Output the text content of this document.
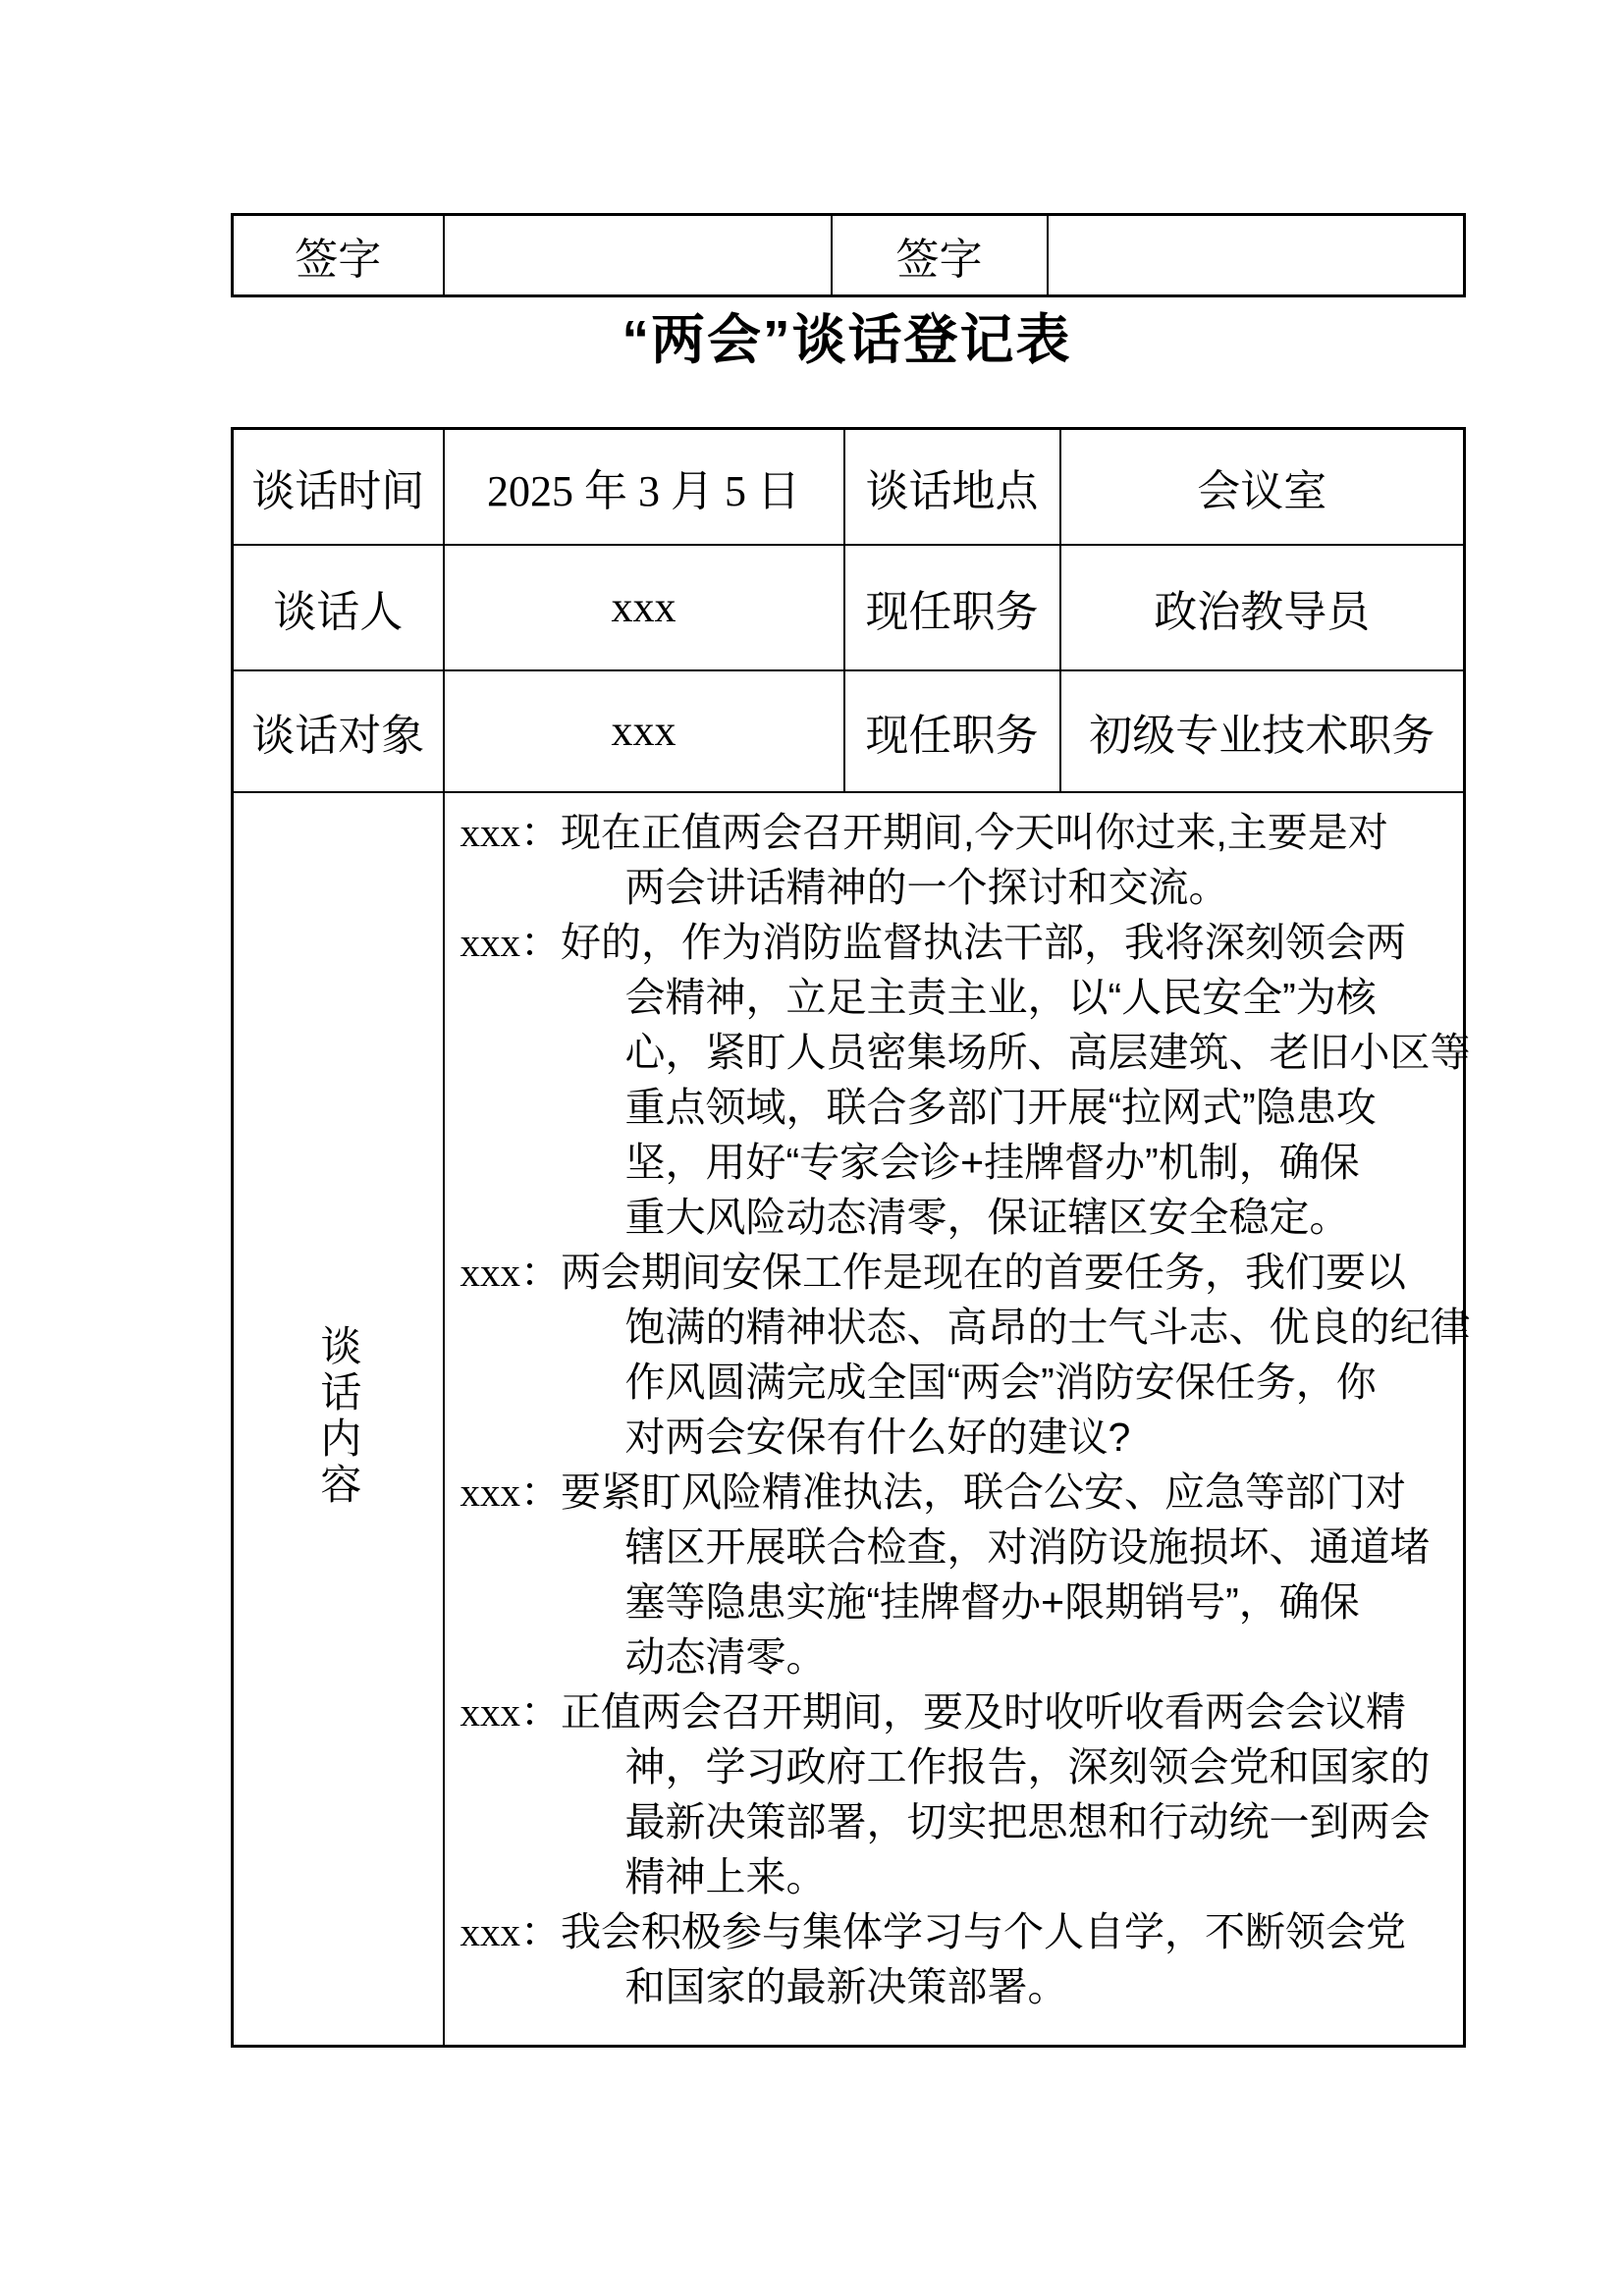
签字		签字	
“两会”谈话登记表
谈话时间	2025 年 3 月 5 日	谈话地点	会议室
谈话人	xxx	现任职务	政治教导员
谈话对象	xxx	现任职务	初级专业技术职务
谈话内容	
xxx：现在正值两会召开期间,今天叫你过来,主要是对
两会讲话精神的一个探讨和交流。
xxx：好的，作为消防监督执法干部，我将深刻领会两
会精神，立足主责主业，以“人民安全”为核
心，紧盯人员密集场所、高层建筑、老旧小区等
重点领域，联合多部门开展“拉网式”隐患攻
坚，用好“专家会诊+挂牌督办”机制，确保
重大风险动态清零，保证辖区安全稳定。
xxx：两会期间安保工作是现在的首要任务，我们要以
饱满的精神状态、高昂的士气斗志、优良的纪律
作风圆满完成全国“两会”消防安保任务，你
对两会安保有什么好的建议?
xxx：要紧盯风险精准执法，联合公安、应急等部门对
辖区开展联合检查，对消防设施损坏、通道堵
塞等隐患实施“挂牌督办+限期销号”，确保
动态清零。
xxx：正值两会召开期间，要及时收听收看两会会议精
神，学习政府工作报告，深刻领会党和国家的
最新决策部署，切实把思想和行动统一到两会
精神上来。
xxx：我会积极参与集体学习与个人自学，不断领会党
和国家的最新决策部署。
